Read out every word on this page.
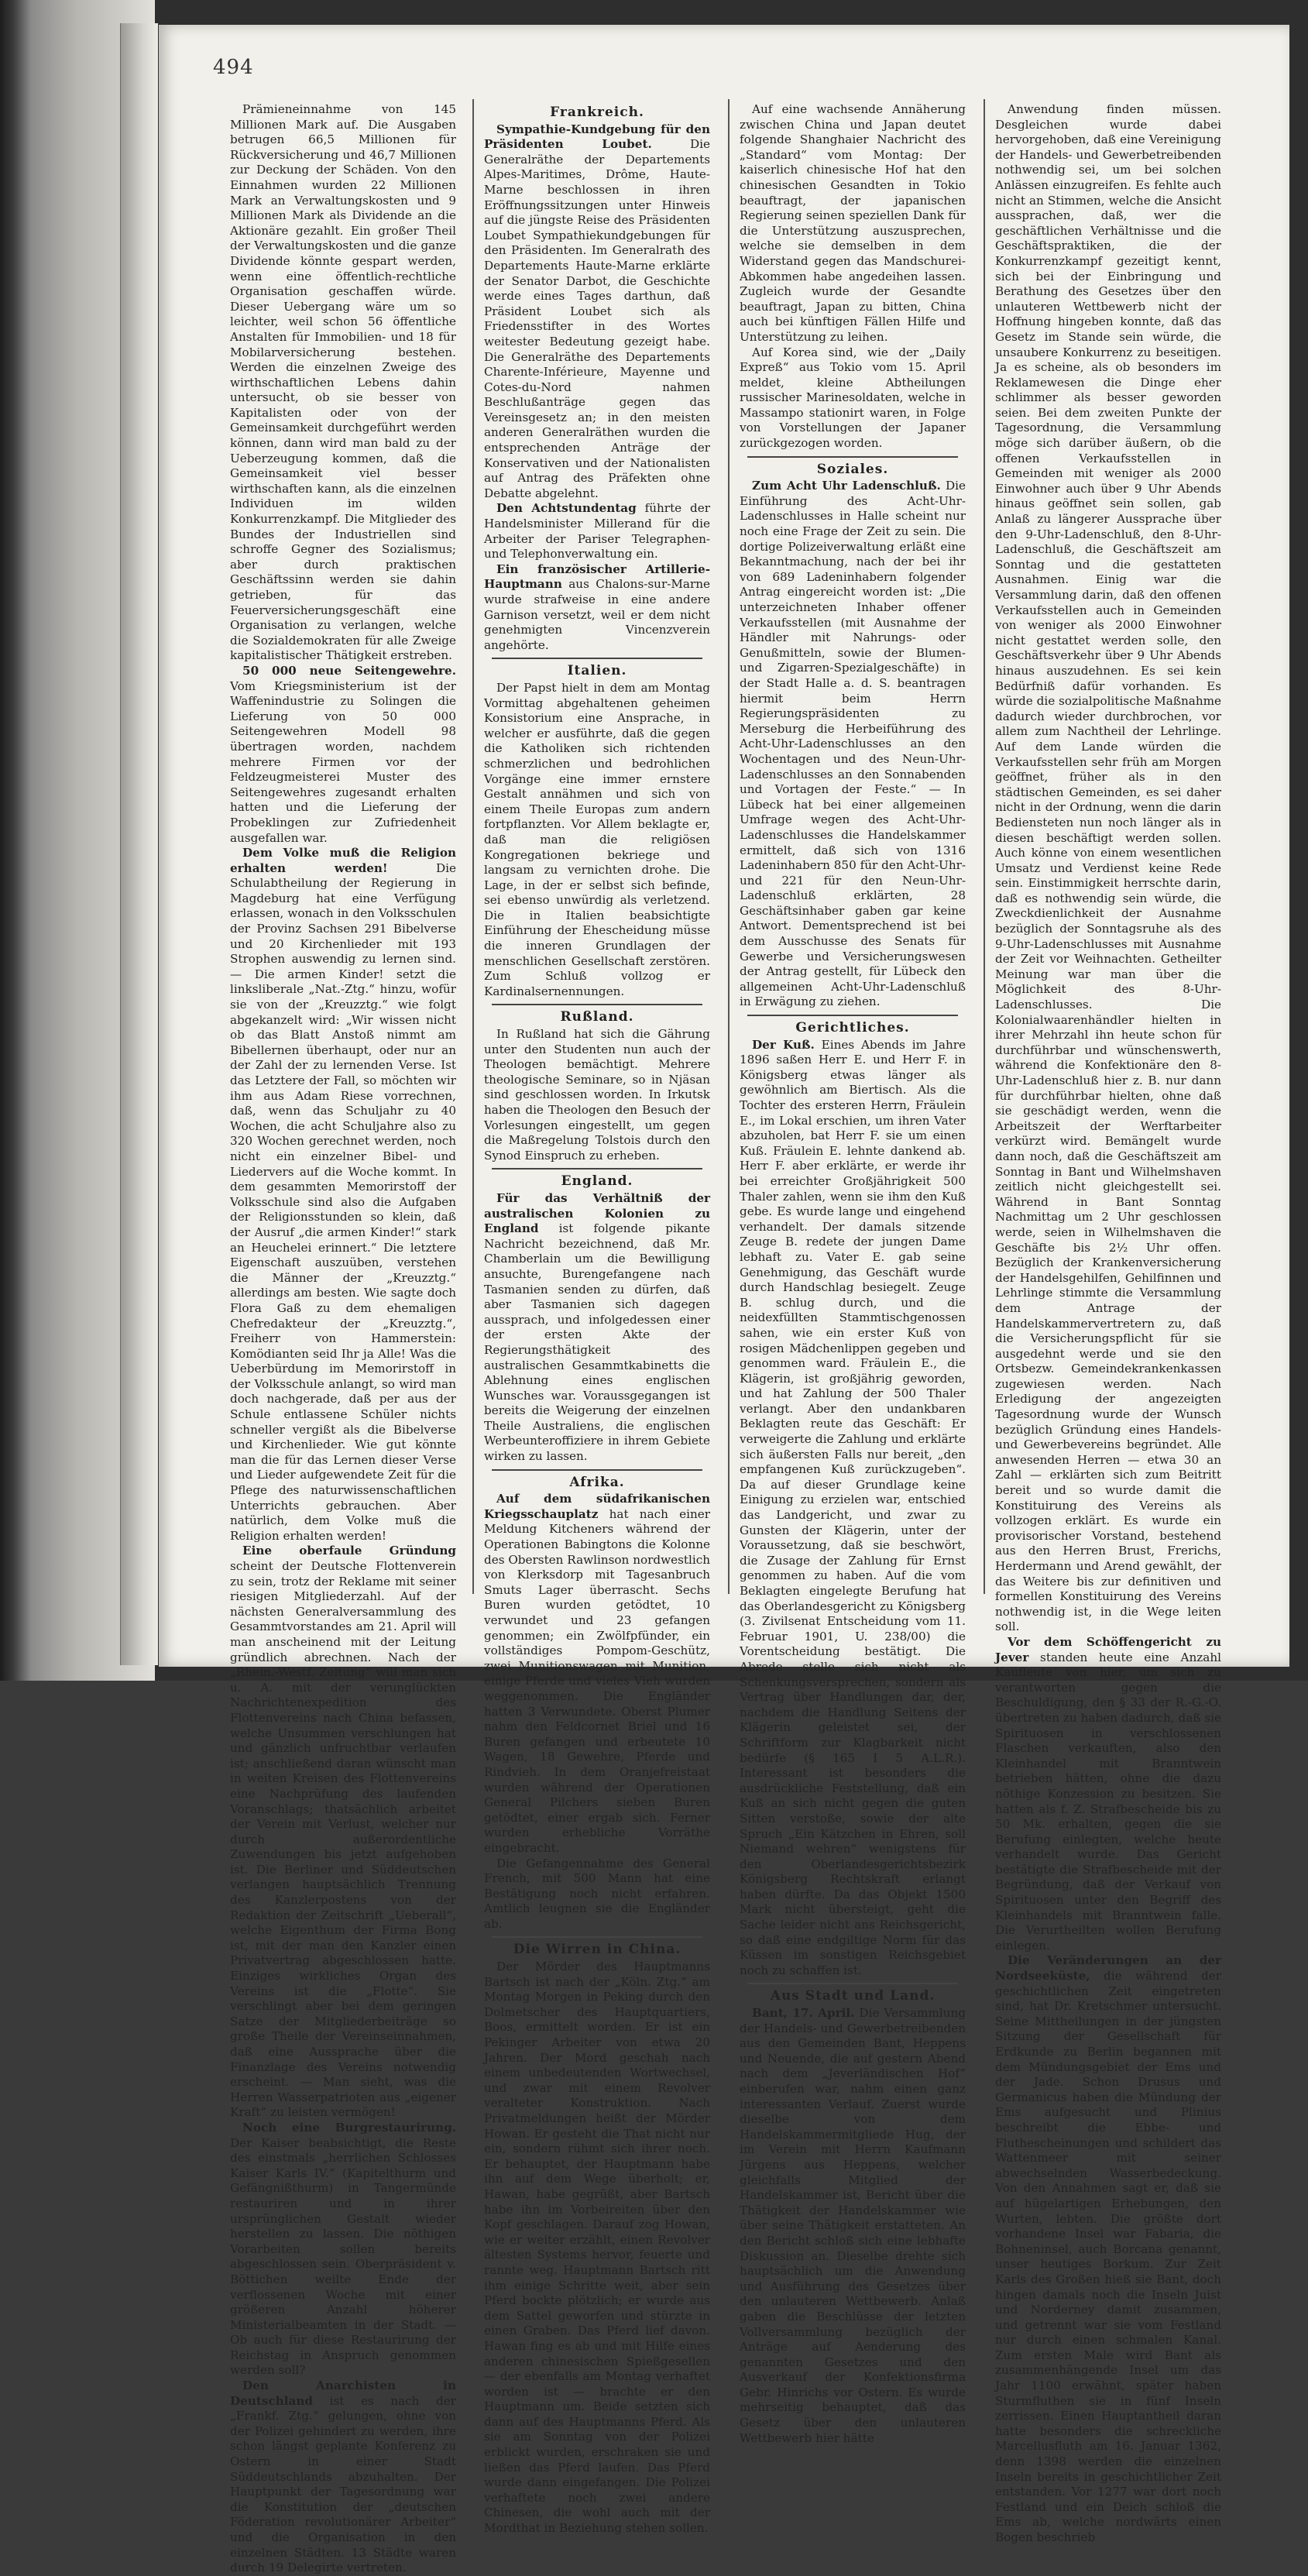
494

Prämieneinnahme von 145 Millionen Mark auf. Die Ausgaben betrugen 66,5 Millionen für Rückversicherung und 46,7 Millionen zur Deckung der Schäden. Von den Einnahmen wurden 22 Millionen Mark an Verwaltungskosten und 9 Millionen Mark als Dividende an die Aktionäre gezahlt. Ein großer Theil der Verwaltungskosten und die ganze Dividende könnte gespart werden, wenn eine öffentlich-rechtliche Organisation geschaffen würde. Dieser Uebergang wäre um so leichter, weil schon 56 öffentliche Anstalten für Immobilien- und 18 für Mobilarversicherung bestehen. Werden die einzelnen Zweige des wirthschaftlichen Lebens dahin untersucht, ob sie besser von Kapitalisten oder von der Gemeinsamkeit durchgeführt werden können, dann wird man bald zu der Ueberzeugung kommen, daß die Gemeinsamkeit viel besser wirthschaften kann, als die einzelnen Individuen im wilden Konkurrenzkampf. Die Mitglieder des Bundes der Industriellen sind schroffe Gegner des Sozialismus; aber durch praktischen Geschäftssinn werden sie dahin getrieben, für das Feuerversicherungsgeschäft eine Organisation zu verlangen, welche die Sozialdemokraten für alle Zweige kapitalistischer Thätigkeit erstreben.

50 000 neue Seitengewehre. Vom Kriegsministerium ist der Waffenindustrie zu Solingen die Lieferung von 50 000 Seitengewehren Modell 98 übertragen worden, nachdem mehrere Firmen vor der Feldzeugmeisterei Muster des Seitengewehres zugesandt erhalten hatten und die Lieferung der Probeklingen zur Zufriedenheit ausgefallen war.

Dem Volke muß die Religion erhalten werden! Die Schulabtheilung der Regierung in Magdeburg hat eine Verfügung erlassen, wonach in den Volksschulen der Provinz Sachsen 291 Bibelverse und 20 Kirchenlieder mit 193 Strophen auswendig zu lernen sind. — Die armen Kinder! setzt die linksliberale „Nat.-Ztg.“ hinzu, wofür sie von der „Kreuzztg.“ wie folgt abgekanzelt wird: „Wir wissen nicht ob das Blatt Anstoß nimmt am Bibellernen überhaupt, oder nur an der Zahl der zu lernenden Verse. Ist das Letztere der Fall, so möchten wir ihm aus Adam Riese vorrechnen, daß, wenn das Schuljahr zu 40 Wochen, die acht Schuljahre also zu 320 Wochen gerechnet werden, noch nicht ein einzelner Bibel- und Liedervers auf die Woche kommt. In dem gesammten Memorirstoff der Volksschule sind also die Aufgaben der Religionsstunden so klein, daß der Ausruf „die armen Kinder!“ stark an Heuchelei erinnert.“ Die letztere Eigenschaft auszuüben, verstehen die Männer der „Kreuzztg.“ allerdings am besten. Wie sagte doch Flora Gaß zu dem ehemaligen Chefredakteur der „Kreuzztg.“, Freiherr von Hammerstein: Komödianten seid Ihr ja Alle! Was die Ueberbürdung im Memorirstoff in der Volksschule anlangt, so wird man doch nachgerade, daß per aus der Schule entlassene Schüler nichts schneller vergißt als die Bibelverse und Kirchenlieder. Wie gut könnte man die für das Lernen dieser Verse und Lieder aufgewendete Zeit für die Pflege des naturwissenschaftlichen Unterrichts gebrauchen. Aber natürlich, dem Volke muß die Religion erhalten werden!

Eine oberfaule Gründung scheint der Deutsche Flottenverein zu sein, trotz der Reklame mit seiner riesigen Mitgliederzahl. Auf der nächsten Generalversammlung des Gesammtvorstandes am 21. April will man anscheinend mit der Leitung gründlich abrechnen. Nach der „Rhein.-Westf. Zeitung“ will man sich u. A. mit der verunglückten Nachrichtenexpedition des Flottenvereins nach China befassen, welche Unsummen verschlungen hat und gänzlich unfruchtbar verlaufen ist; anschließend daran wünscht man in weiten Kreisen des Flottenvereins eine Nachprüfung des laufenden Voranschlags; thatsächlich arbeitet der Verein mit Verlust, welcher nur durch außerordentliche Zuwendungen bis jetzt aufgehoben ist. Die Berliner und Süddeutschen verlangen hauptsächlich Trennung des Kanzlerpostens von der Redaktion der Zeitschrift „Ueberall“, welche Eigenthum der Firma Bong ist, mit der man den Kanzler einen Privatvertrag abgeschlossen hatte. Einziges wirkliches Organ des Vereins ist die „Flotte“. Sie verschlingt aber bei dem geringen Satze der Mitgliederbeiträge so große Theile der Vereinseinnahmen, daß eine Aussprache über die Finanzlage des Vereins notwendig erscheint. — Man sieht, was die Herren Wasserpatrioten aus „eigener Kraft“ zu leisten vermögen!

Noch eine Burgrestaurirung. Der Kaiser beabsichtigt, die Reste des einstmals „herrlichen Schlosses Kaiser Karls IV.“ (Kapitelthurm und Gefängnißthurm) in Tangermünde restauriren und in ihrer ursprünglichen Gestalt wieder herstellen zu lassen. Die nöthigen Vorarbeiten sollen bereits abgeschlossen sein. Oberpräsident v. Böttichen weilte Ende der verflossenen Woche mit einer größeren Anzahl höherer Ministerialbeamten in der Stadt. — Ob auch für diese Restaurirung der Reichstag in Anspruch genommen werden soll?

Den Anarchisten in Deutschland ist es nach der „Frankf. Ztg.“ gelungen, ohne von der Polizei gehindert zu werden, ihre schon längst geplante Konferenz zu Ostern in einer Stadt Süddeutschlands abzuhalten. Der Hauptpunkt der Tagesordnung war die Konstitution der „deutschen Föderation revolutionärer Arbeiter“ und die Organisation in den einzelnen Städten. 13 Städte waren durch 19 Delegirte vertreten.

Frankreich.

Sympathie-Kundgebung für den Präsidenten Loubet. Die Generalräthe der Departements Alpes-Maritimes, Drôme, Haute-Marne beschlossen in ihren Eröffnungssitzungen unter Hinweis auf die jüngste Reise des Präsidenten Loubet Sympathiekundgebungen für den Präsidenten. Im Generalrath des Departements Haute-Marne erklärte der Senator Darbot, die Geschichte werde eines Tages darthun, daß Präsident Loubet sich als Friedensstifter in des Wortes weitester Bedeutung gezeigt habe. Die Generalräthe des Departements Charente-Inférieure, Mayenne und Cotes-du-Nord nahmen Beschlußanträge gegen das Vereinsgesetz an; in den meisten anderen Generalräthen wurden die entsprechenden Anträge der Konservativen und der Nationalisten auf Antrag des Präfekten ohne Debatte abgelehnt.

Den Achtstundentag führte der Handelsminister Millerand für die Arbeiter der Pariser Telegraphen- und Telephonverwaltung ein.

Ein französischer Artillerie-Hauptmann aus Chalons-sur-Marne wurde strafweise in eine andere Garnison versetzt, weil er dem nicht genehmigten Vincenzverein angehörte.

Italien.

Der Papst hielt in dem am Montag Vormittag abgehaltenen geheimen Konsistorium eine Ansprache, in welcher er ausführte, daß die gegen die Katholiken sich richtenden schmerzlichen und bedrohlichen Vorgänge eine immer ernstere Gestalt annähmen und sich von einem Theile Europas zum andern fortpflanzten. Vor Allem beklagte er, daß man die religiösen Kongregationen bekriege und langsam zu vernichten drohe. Die Lage, in der er selbst sich befinde, sei ebenso unwürdig als verletzend. Die in Italien beabsichtigte Einführung der Ehescheidung müsse die inneren Grundlagen der menschlichen Gesellschaft zerstören. Zum Schluß vollzog er Kardinalsernennungen.

Rußland.

In Rußland hat sich die Gährung unter den Studenten nun auch der Theologen bemächtigt. Mehrere theologische Seminare, so in Njäsan sind geschlossen worden. In Irkutsk haben die Theologen den Besuch der Vorlesungen eingestellt, um gegen die Maßregelung Tolstois durch den Synod Einspruch zu erheben.

England.

Für das Verhältniß der australischen Kolonien zu England ist folgende pikante Nachricht bezeichnend, daß Mr. Chamberlain um die Bewilligung ansuchte, Burengefangene nach Tasmanien senden zu dürfen, daß aber Tasmanien sich dagegen aussprach, und infolgedessen einer der ersten Akte der Regierungsthätigkeit des australischen Gesammtkabinetts die Ablehnung eines englischen Wunsches war. Voraussgegangen ist bereits die Weigerung der einzelnen Theile Australiens, die englischen Werbeunteroffiziere in ihrem Gebiete wirken zu lassen.

Afrika.

Auf dem südafrikanischen Kriegsschauplatz hat nach einer Meldung Kitcheners während der Operationen Babingtons die Kolonne des Obersten Rawlinson nordwestlich von Klerksdorp mit Tagesanbruch Smuts Lager überrascht. Sechs Buren wurden getödtet, 10 verwundet und 23 gefangen genommen; ein Zwölfpfünder, ein vollständiges Pompom-Geschütz, zwei Munitionswagen mit Munition, einige Pferde und vieles Vieh wurden weggenommen. Die Engländer hatten 3 Verwundete. Oberst Plumer nahm den Feldcornet Briel und 16 Buren gefangen und erbeutete 10 Wagen, 18 Gewehre, Pferde und Rindvieh. In dem Oranjefreistaat wurden während der Operationen General Pilchers sieben Buren getödtet, einer ergab sich. Ferner wurden erhebliche Vorräthe eingebracht.

Die Gefangennahme des General French, mit 500 Mann hat eine Bestätigung noch nicht erfahren. Amtlich leugnen sie die Engländer ab.

Die Wirren in China.

Der Mörder des Hauptmanns Bartsch ist nach der „Köln. Ztg.“ am Montag Morgen in Peking durch den Dolmetscher des Hauptquartiers, Boos, ermittelt worden. Er ist ein Pekinger Arbeiter von etwa 20 Jahren. Der Mord geschah nach einem unbedeutenden Wortwechsel, und zwar mit einem Revolver veralteter Konstruktion. Nach Privatmeldungen heißt der Mörder Howan. Er gesteht die That nicht nur ein, sondern rühmt sich ihrer noch. Er behauptet, der Hauptmann habe ihn auf dem Wege überholt; er, Hawan, habe gegrüßt, aber Bartsch habe ihn im Vorbeireiten über den Kopf geschlagen. Darauf zog Howan, wie er weiter erzählt, einen Revolver ältesten Systems hervor, feuerte und rannte weg. Hauptmann Bartsch ritt ihm einige Schritte weit, aber sein Pferd bockte plötzlich; er wurde aus dem Sattel geworfen und stürzte in einen Graben. Das Pferd lief davon. Hawan fing es ab und mit Hilfe eines anderen chinesischen Spießgesellen — der ebenfalls am Montag verhaftet worden ist — brachte er den Hauptmann um. Beide setzten sich dann auf des Hauptmanns Pferd. Als sie am Sonntag von der Polizei erblickt wurden, erschraken sie und ließen das Pferd laufen. Das Pferd wurde dann eingefangen. Die Polizei verhaftete noch zwei andere Chinesen, die wohl auch mit der Mordthat in Beziehung stehen sollen.

Auf eine wachsende Annäherung zwischen China und Japan deutet folgende Shanghaier Nachricht des „Standard“ vom Montag: Der kaiserlich chinesische Hof hat den chinesischen Gesandten in Tokio beauftragt, der japanischen Regierung seinen speziellen Dank für die Unterstützung auszusprechen, welche sie demselben in dem Widerstand gegen das Mandschurei-Abkommen habe angedeihen lassen. Zugleich wurde der Gesandte beauftragt, Japan zu bitten, China auch bei künftigen Fällen Hilfe und Unterstützung zu leihen.

Auf Korea sind, wie der „Daily Expreß“ aus Tokio vom 15. April meldet, kleine Abtheilungen russischer Marinesoldaten, welche in Massampo stationirt waren, in Folge von Vorstellungen der Japaner zurückgezogen worden.

Soziales.

Zum Acht Uhr Ladenschluß. Die Einführung des Acht-Uhr-Ladenschlusses in Halle scheint nur noch eine Frage der Zeit zu sein. Die dortige Polizeiverwaltung erläßt eine Bekanntmachung, nach der bei ihr von 689 Ladeninhabern folgender Antrag eingereicht worden ist: „Die unterzeichneten Inhaber offener Verkaufsstellen (mit Ausnahme der Händler mit Nahrungs- oder Genußmitteln, sowie der Blumen- und Zigarren-Spezialgeschäfte) in der Stadt Halle a. d. S. beantragen hiermit beim Herrn Regierungspräsidenten zu Merseburg die Herbeiführung des Acht-Uhr-Ladenschlusses an den Wochentagen und des Neun-Uhr-Ladenschlusses an den Sonnabenden und Vortagen der Feste.“ — In Lübeck hat bei einer allgemeinen Umfrage wegen des Acht-Uhr-Ladenschlusses die Handelskammer ermittelt, daß sich von 1316 Ladeninhabern 850 für den Acht-Uhr- und 221 für den Neun-Uhr-Ladenschluß erklärten, 28 Geschäftsinhaber gaben gar keine Antwort. Dementsprechend ist bei dem Ausschusse des Senats für Gewerbe und Versicherungswesen der Antrag gestellt, für Lübeck den allgemeinen Acht-Uhr-Ladenschluß in Erwägung zu ziehen.

Gerichtliches.

Der Kuß. Eines Abends im Jahre 1896 saßen Herr E. und Herr F. in Königsberg etwas länger als gewöhnlich am Biertisch. Als die Tochter des ersteren Herrn, Fräulein E., im Lokal erschien, um ihren Vater abzuholen, bat Herr F. sie um einen Kuß. Fräulein E. lehnte dankend ab. Herr F. aber erklärte, er werde ihr bei erreichter Großjährigkeit 500 Thaler zahlen, wenn sie ihm den Kuß gebe. Es wurde lange und eingehend verhandelt. Der damals sitzende Zeuge B. redete der jungen Dame lebhaft zu. Vater E. gab seine Genehmigung, das Geschäft wurde durch Handschlag besiegelt. Zeuge B. schlug durch, und die neidexfüllten Stammtischgenossen sahen, wie ein erster Kuß von rosigen Mädchenlippen gegeben und genommen ward. Fräulein E., die Klägerin, ist großjährig geworden, und hat Zahlung der 500 Thaler verlangt. Aber den undankbaren Beklagten reute das Geschäft: Er verweigerte die Zahlung und erklärte sich äußersten Falls nur bereit, „den empfangenen Kuß zurückzugeben“. Da auf dieser Grundlage keine Einigung zu erzielen war, entschied das Landgericht, und zwar zu Gunsten der Klägerin, unter der Voraussetzung, daß sie beschwört, die Zusage der Zahlung für Ernst genommen zu haben. Auf die vom Beklagten eingelegte Berufung hat das Oberlandesgericht zu Königsberg (3. Zivilsenat Entscheidung vom 11. Februar 1901, U. 238/00) die Vorentscheidung bestätigt. Die Abrede stelle sich nicht als Schenkungsversprechen, sondern als Vertrag über Handlungen dar, der, nachdem die Handlung Seitens der Klägerin geleistet sei, der Schriftform zur Klagbarkeit nicht bedürfe (§ 165 I 5 A.L.R.). Interessant ist besonders die ausdrückliche Feststellung, daß ein Kuß an sich nicht gegen die guten Sitten verstoße, sowie der alte Spruch „Ein Kätzchen in Ehren, soll Niemand wehren“ wenigstens für den Oberlandesgerichtsbezirk Königsberg Rechtskraft erlangt haben dürfte. Da das Objekt 1500 Mark nicht übersteigt, geht die Sache leider nicht ans Reichsgericht, so daß eine endgiltige Norm für das Küssen im sonstigen Reichsgebiet noch zu schaffen ist.

Aus Stadt und Land.

Bant, 17. April. Die Versammlung der Handels- und Gewerbetreibenden aus den Gemeinden Bant, Heppens und Neuende, die auf gestern Abend nach dem „Jeverländischen Hof“ einberufen war, nahm einen ganz interessanten Verlauf. Zuerst wurde dieselbe von dem Handelskammermitgliede Hug, der im Verein mit Herrn Kaufmann Jürgens aus Heppens, welcher gleichfalls Mitglied der Handelskammer ist, Bericht über die Thätigkeit der Handelskammer wie über seine Thätigkeit erstatteten. An den Bericht schloß sich eine lebhafte Diskussion an. Dieselbe drehte sich hauptsächlich um die Anwendung und Ausführung des Gesetzes über den unlauteren Wettbewerb. Anlaß gaben die Beschlüsse der letzten Vollversammlung bezüglich der Anträge auf Aenderung des genannten Gesetzes und den Ausverkauf der Konfektionsfirma Gebr. Hinrichs vor Ostern. Es wurde mehrseitig behauptet, daß das Gesetz über den unlauteren Wettbewerb hier hätte

Anwendung finden müssen. Desgleichen wurde dabei hervorgehoben, daß eine Vereinigung der Handels- und Gewerbetreibenden nothwendig sei, um bei solchen Anlässen einzugreifen. Es fehlte auch nicht an Stimmen, welche die Ansicht aussprachen, daß, wer die geschäftlichen Verhältnisse und die Geschäftspraktiken, die der Konkurrenzkampf gezeitigt kennt, sich bei der Einbringung und Berathung des Gesetzes über den unlauteren Wettbewerb nicht der Hoffnung hingeben konnte, daß das Gesetz im Stande sein würde, die unsaubere Konkurrenz zu beseitigen. Ja es scheine, als ob besonders im Reklamewesen die Dinge eher schlimmer als besser geworden seien. Bei dem zweiten Punkte der Tagesordnung, die Versammlung möge sich darüber äußern, ob die offenen Verkaufsstellen in Gemeinden mit weniger als 2000 Einwohner auch über 9 Uhr Abends hinaus geöffnet sein sollen, gab Anlaß zu längerer Aussprache über den 9-Uhr-Ladenschluß, den 8-Uhr-Ladenschluß, die Geschäftszeit am Sonntag und die gestatteten Ausnahmen. Einig war die Versammlung darin, daß den offenen Verkaufsstellen auch in Gemeinden von weniger als 2000 Einwohner nicht gestattet werden solle, den Geschäftsverkehr über 9 Uhr Abends hinaus auszudehnen. Es sei kein Bedürfniß dafür vorhanden. Es würde die sozialpolitische Maßnahme dadurch wieder durchbrochen, vor allem zum Nachtheil der Lehrlinge. Auf dem Lande würden die Verkaufsstellen sehr früh am Morgen geöffnet, früher als in den städtischen Gemeinden, es sei daher nicht in der Ordnung, wenn die darin Bediensteten nun noch länger als in diesen beschäftigt werden sollen. Auch könne von einem wesentlichen Umsatz und Verdienst keine Rede sein. Einstimmigkeit herrschte darin, daß es nothwendig sein würde, die Zweckdienlichkeit der Ausnahme bezüglich der Sonntagsruhe als des 9-Uhr-Ladenschlusses mit Ausnahme der Zeit vor Weihnachten. Getheilter Meinung war man über die Möglichkeit des 8-Uhr-Ladenschlusses. Die Kolonialwaarenhändler hielten in ihrer Mehrzahl ihn heute schon für durchführbar und wünschenswerth, während die Konfektionäre den 8-Uhr-Ladenschluß hier z. B. nur dann für durchführbar hielten, ohne daß sie geschädigt werden, wenn die Arbeitszeit der Werftarbeiter verkürzt wird. Bemängelt wurde dann noch, daß die Geschäftszeit am Sonntag in Bant und Wilhelmshaven zeitlich nicht gleichgestellt sei. Während in Bant Sonntag Nachmittag um 2 Uhr geschlossen werde, seien in Wilhelmshaven die Geschäfte bis 2½ Uhr offen. Bezüglich der Krankenversicherung der Handelsgehilfen, Gehilfinnen und Lehrlinge stimmte die Versammlung dem Antrage der Handelskammervertretern zu, daß die Versicherungspflicht für sie ausgedehnt werde und sie den Ortsbezw. Gemeindekrankenkassen zugewiesen werden. Nach Erledigung der angezeigten Tagesordnung wurde der Wunsch bezüglich Gründung eines Handels- und Gewerbevereins begründet. Alle anwesenden Herren — etwa 30 an Zahl — erklärten sich zum Beitritt bereit und so wurde damit die Konstituirung des Vereins als vollzogen erklärt. Es wurde ein provisorischer Vorstand, bestehend aus den Herren Brust, Frerichs, Herdermann und Arend gewählt, der das Weitere bis zur definitiven und formellen Konstituirung des Vereins nothwendig ist, in die Wege leiten soll.

Vor dem Schöffengericht zu Jever standen heute eine Anzahl Kaufleute von hier, um sich zu verantworten gegen die Beschuldigung, den § 33 der R.-G.-O. übertreten zu haben dadurch, daß sie Spirituosen in verschlossenen Flaschen verkauften, also den Kleinhandel mit Branntwein betrieben hätten, ohne die dazu nöthige Konzession zu besitzen. Sie hatten als f. Z. Strafbescheide bis zu 50 Mk. erhalten, gegen die sie Berufung einlegten, welche heute verhandelt wurde. Das Gericht bestätigte die Strafbescheide mit der Begründung, daß der Verkauf von Spirituosen unter den Begriff des Kleinhandels mit Branntwein falle. Die Verurtheilten wollen Berufung einlegen.

Die Veränderungen an der Nordseeküste, die während der geschichtlichen Zeit eingetreten sind, hat Dr. Kretschmer untersucht. Seine Mittheilungen in der jüngsten Sitzung der Gesellschaft für Erdkunde zu Berlin begannen mit dem Mündungsgebiet der Ems und der Jade. Schon Drusus und Germanicus haben die Mündung der Ems aufgesucht und Plinius beschreibt die Ebbe- und Fluthescheinungen und schildert das Wattenmeer mit seiner abwechselnden Wasserbedeckung. Von den Annahmen sagt er, daß sie auf hügelartigen Erhebungen, den Wurten, lebten. Die größte dort vorhandene Insel war Fabaria, die Bohneninsel, auch Borcana genannt, unser heutiges Borkum. Zur Zeit Karls des Großen hieß sie Bant, doch hingen damals noch die Inseln Juist und Norderney damit zusammen, und getrennt war sie vom Festland nur durch einen schmalen Kanal. Zum ersten Male wird Bant als zusammenhängende Insel um das Jahr 1100 erwähnt, später haben Sturmfluthen sie in fünf Inseln zerrissen. Einen Hauptantheil daran hatte besonders die schreckliche Marcellusfluth am 16. Januar 1362, denn 1398 werden die einzelnen Inseln bereits in geschichtlicher Zeit entstanden. Vor 1277 war dort noch Festland und ein Deich schloß die Ems ab, welche nordwärts einen Bogen beschrieb
